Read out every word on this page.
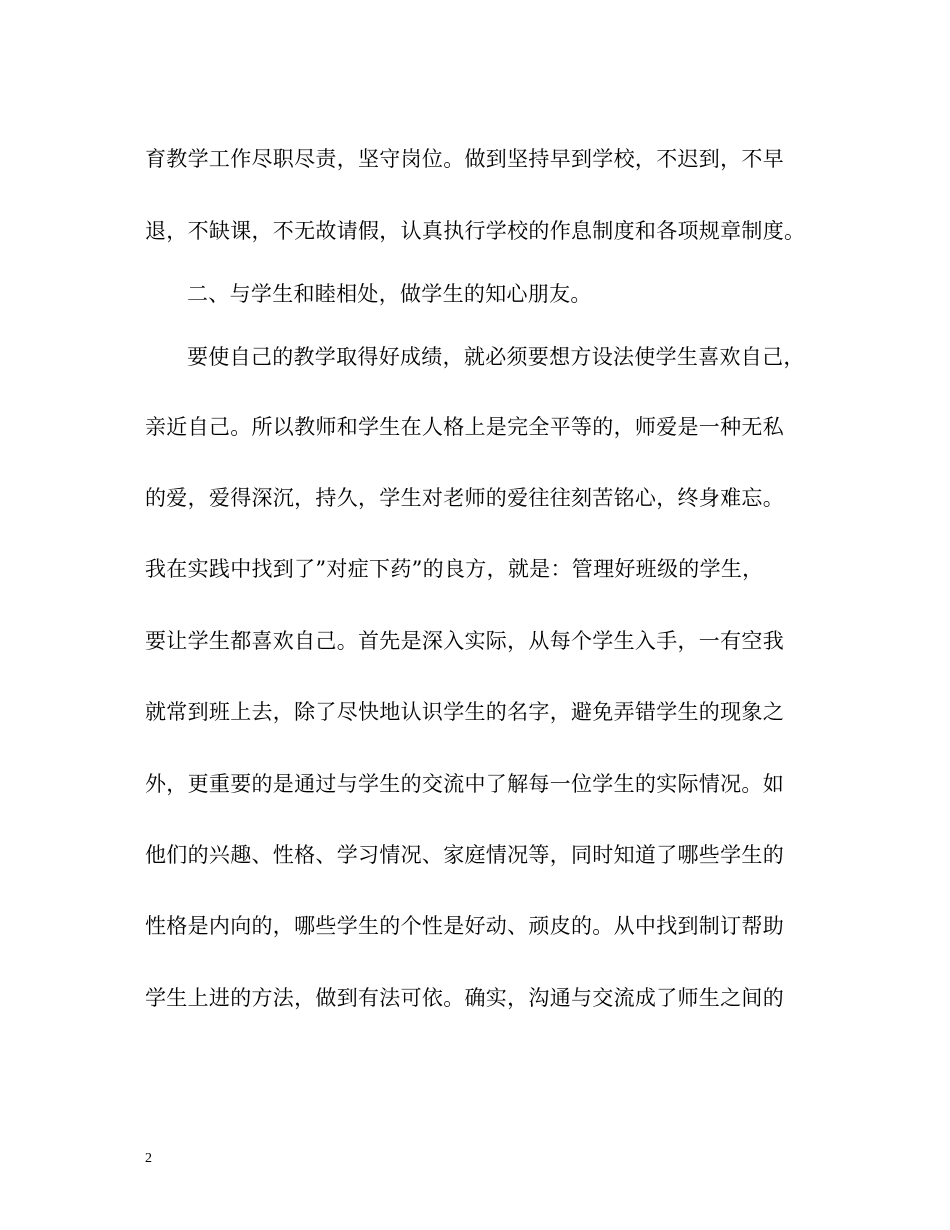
育教学工作尽职尽责，坚守岗位。做到坚持早到学校，不迟到，不早
退，不缺课，不无故请假，认真执行学校的作息制度和各项规章制度。
二、与学生和睦相处，做学生的知心朋友。
要使自己的教学取得好成绩，就必须要想方设法使学生喜欢自己，
亲近自己。所以教师和学生在人格上是完全平等的，师爱是一种无私
的爱，爱得深沉，持久，学生对老师的爱往往刻苦铭心，终身难忘。
我在实践中找到了”对症下药”的良方，就是：管理好班级的学生，
要让学生都喜欢自己。首先是深入实际，从每个学生入手，一有空我
就常到班上去，除了尽快地认识学生的名字，避免弄错学生的现象之
外，更重要的是通过与学生的交流中了解每一位学生的实际情况。如
他们的兴趣、性格、学习情况、家庭情况等，同时知道了哪些学生的
性格是内向的，哪些学生的个性是好动、顽皮的。从中找到制订帮助
学生上进的方法，做到有法可依。确实，沟通与交流成了师生之间的
2
